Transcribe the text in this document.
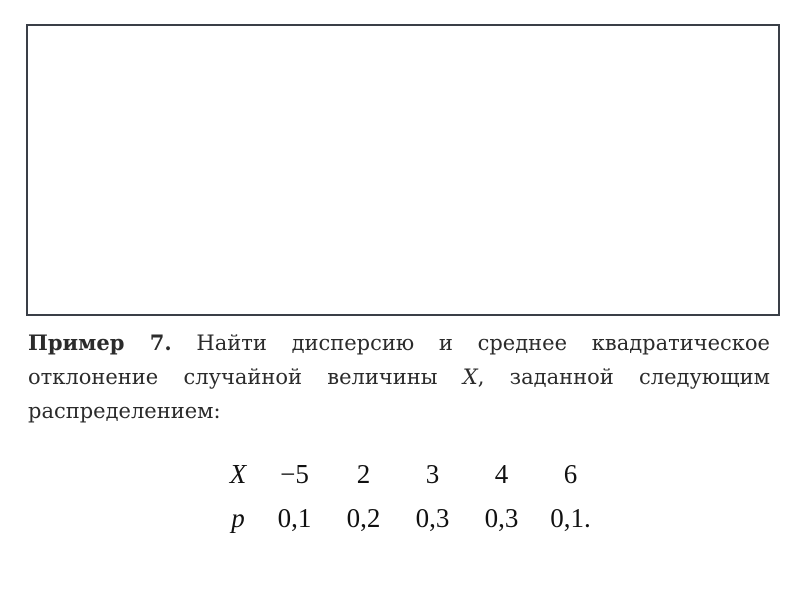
Пример 7. Найти дисперсию и среднее квадратическое отклонение случайной величины X, заданной следующим распределением:
X	−5	2	3	4	6
p	0,1	0,2	0,3	0,3	0,1.
